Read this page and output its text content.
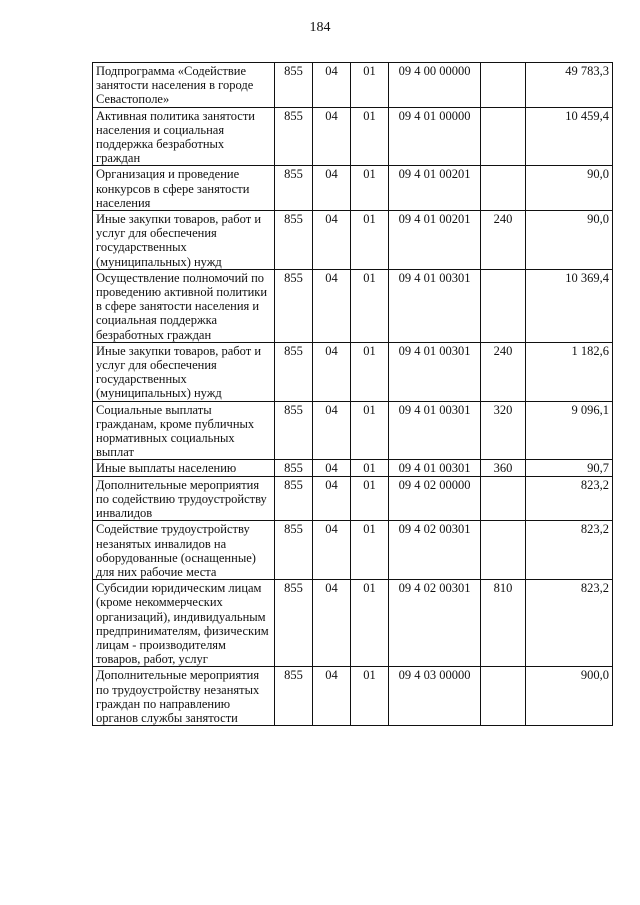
184
Подпрограмма «Содействие занятости населения в городе Севастополе»	855	04	01	09 4 00 00000		49 783,3
Активная политика занятости населения и социальная поддержка безработных граждан	855	04	01	09 4 01 00000		10 459,4
Организация и проведение конкурсов в сфере занятости населения	855	04	01	09 4 01 00201		90,0
Иные закупки товаров, работ и услуг для обеспечения государственных (муниципальных) нужд	855	04	01	09 4 01 00201	240	90,0
Осуществление полномочий по проведению активной политики в сфере занятости населения и социальная поддержка безработных граждан	855	04	01	09 4 01 00301		10 369,4
Иные закупки товаров, работ и услуг для обеспечения государственных (муниципальных) нужд	855	04	01	09 4 01 00301	240	1 182,6
Социальные выплаты гражданам, кроме публичных нормативных социальных выплат	855	04	01	09 4 01 00301	320	9 096,1
Иные выплаты населению	855	04	01	09 4 01 00301	360	90,7
Дополнительные мероприятия по содействию трудоустройству инвалидов	855	04	01	09 4 02 00000		823,2
Содействие трудоустройству незанятых инвалидов на оборудованные (оснащенные) для них рабочие места	855	04	01	09 4 02 00301		823,2
Субсидии юридическим лицам (кроме некоммерческих организаций), индивидуальным предпринимателям, физическим лицам - производителям товаров, работ, услуг	855	04	01	09 4 02 00301	810	823,2
Дополнительные мероприятия по трудоустройству незанятых граждан по направлению органов службы занятости	855	04	01	09 4 03 00000		900,0
